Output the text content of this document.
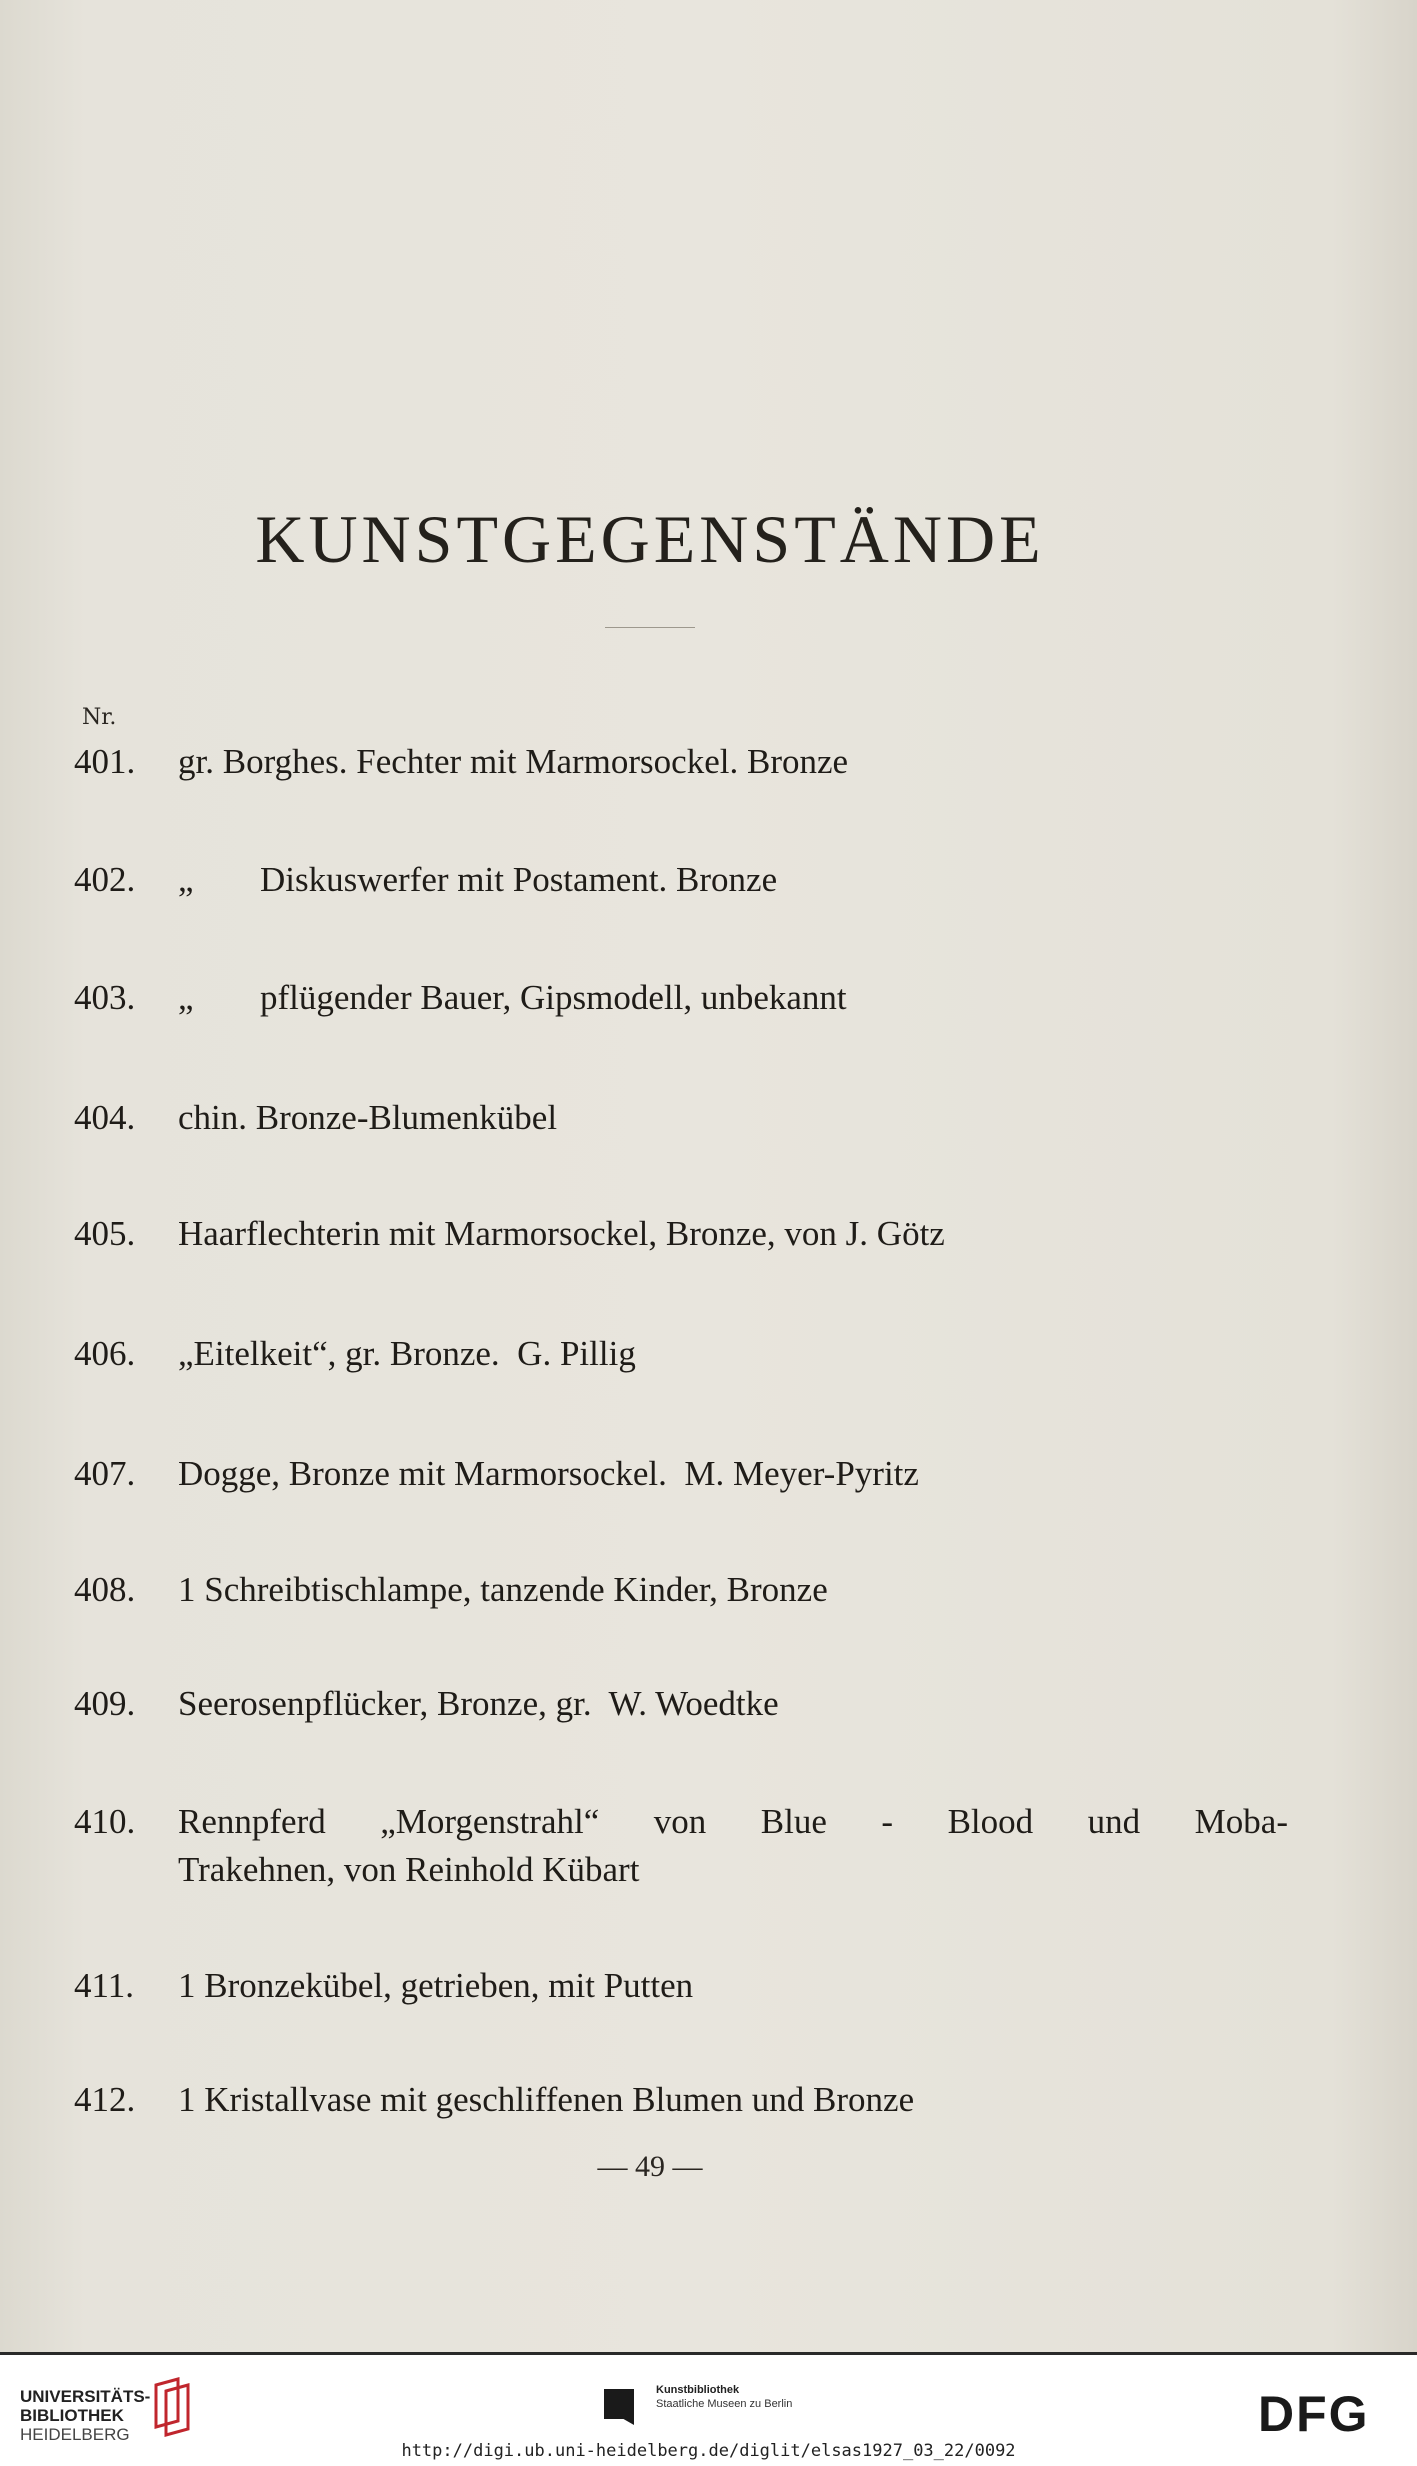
KUNSTGEGENSTÄNDE
Nr.
401.	gr. Borghes. Fechter mit Marmorsockel. Bronze
402.	„ Diskuswerfer mit Postament. Bronze
403.	„ pflügender Bauer, Gipsmodell, unbekannt
404.	chin. Bronze-Blumenkübel
405.	Haarflechterin mit Marmorsockel, Bronze, von J. Götz
406.	„Eitelkeit“, gr. Bronze.  G. Pillig
407.	Dogge, Bronze mit Marmorsockel.  M. Meyer-Pyritz
408.	1 Schreibtischlampe, tanzende Kinder, Bronze
409.	Seerosenpflücker, Bronze, gr.  W. Woedtke
410.	Rennpferd „Morgenstrahl“ von Blue - Blood und Moba-
Trakehnen, von Reinhold Kübart
411.	1 Bronzekübel, getrieben, mit Putten
412.	1 Kristallvase mit geschliffenen Blumen und Bronze
— 49 —
UNIVERSITÄTS-
BIBLIOTHEK
HEIDELBERG
Kunstbibliothek
Staatliche Museen zu Berlin	DFG
http://digi.ub.uni-heidelberg.de/diglit/elsas1927_03_22/0092
